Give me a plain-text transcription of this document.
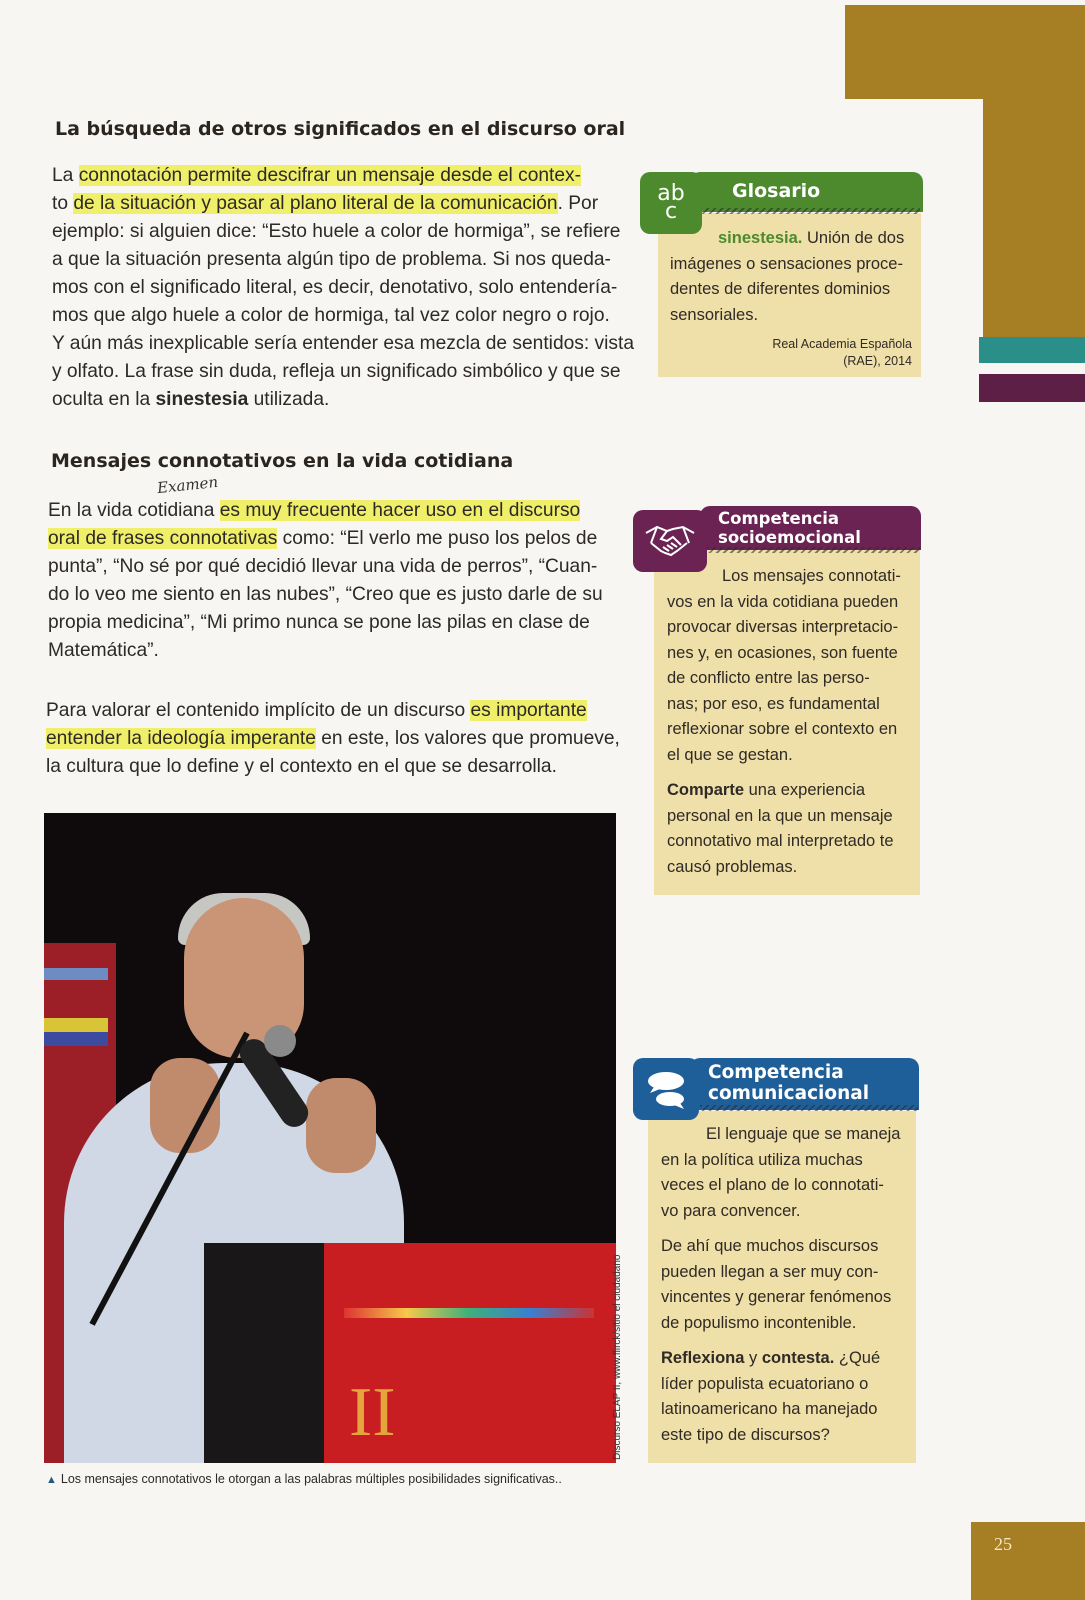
La búsqueda de otros significados en el discurso oral
La connotación permite descifrar un mensaje desde el contex-
to de la situación y pasar al plano literal de la comunicación. Por
ejemplo: si alguien dice: “Esto huele a color de hormiga”, se refiere
a que la situación presenta algún tipo de problema. Si nos queda-
mos con el significado literal, es decir, denotativo, solo entendería-
mos que algo huele a color de hormiga, tal vez color negro o rojo.
Y aún más inexplicable sería entender esa mezcla de sentidos: vista
y olfato. La frase sin duda, refleja un significado simbólico y que se
oculta en la sinestesia utilizada.
Mensajes connotativos en la vida cotidiana
Examen
En la vida cotidiana es muy frecuente hacer uso en el discurso
oral de frases connotativas como: “El verlo me puso los pelos de
punta”, “No sé por qué decidió llevar una vida de perros”, “Cuan-
do lo veo me siento en las nubes”, “Creo que es justo darle de su
propia medicina”, “Mi primo nunca se pone las pilas en clase de
Matemática”.
Para valorar el contenido implícito de un discurso es importante
entender la ideología imperante en este, los valores que promueve,
la cultura que lo define y el contexto en el que se desarrolla.
II	Discurso ELAP II, www.flirck/sitio el ciudadano
▲ Los mensajes connotativos le otorgan a las palabras múltiples posibilidades significativas..
Glosario
ab
c
sinestesia. Unión de dos
imágenes o sensaciones proce-
dentes de diferentes dominios
sensoriales.
Real Academia Española
(RAE), 2014
Competencia
socioemocional
Los mensajes connotati-
vos en la vida cotidiana pueden
provocar diversas interpretacio-
nes y, en ocasiones, son fuente
de conflicto entre las perso-
nas; por eso, es fundamental
reflexionar sobre el contexto en
el que se gestan.
Comparte una experiencia
personal en la que un mensaje
connotativo mal interpretado te
causó problemas.
Competencia
comunicacional
El lenguaje que se maneja
en la política utiliza muchas
veces el plano de lo connotati-
vo para convencer.
De ahí que muchos discursos
pueden llegan a ser muy con-
vincentes y generar fenómenos
de populismo incontenible.
Reflexiona y contesta. ¿Qué
líder populista ecuatoriano o
latinoamericano ha manejado
este tipo de discursos?
25
